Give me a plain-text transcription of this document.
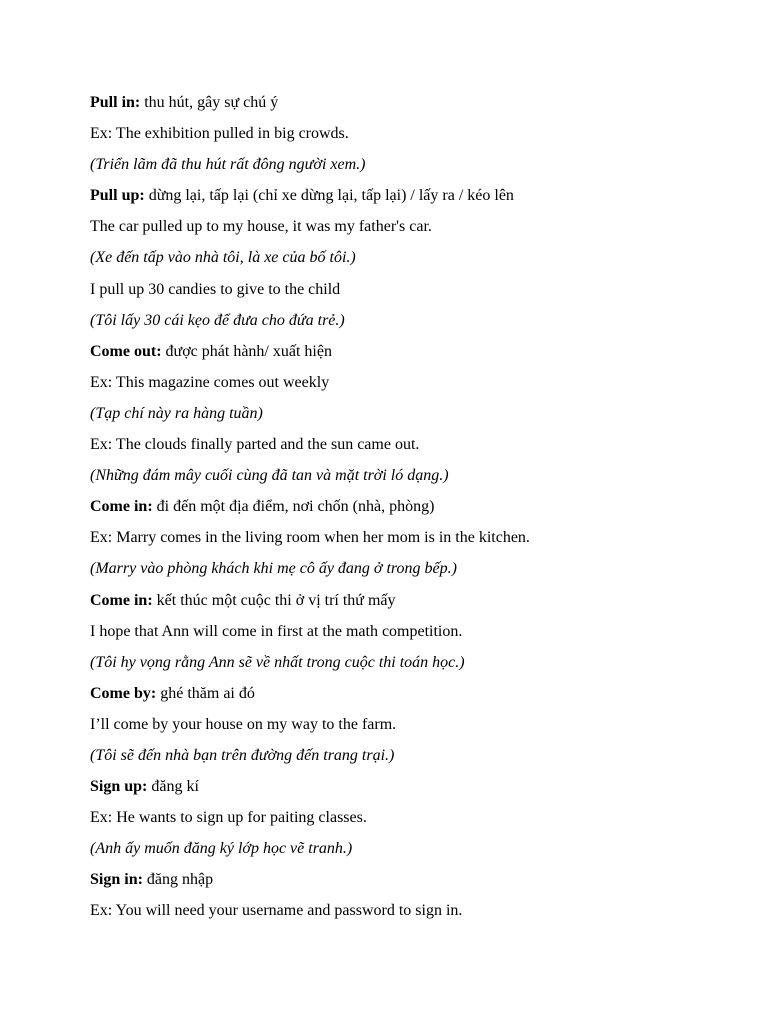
Pull in: thu hút, gây sự chú ý
Ex: The exhibition pulled in big crowds.
(Triển lãm đã thu hút rất đông người xem.)
Pull up: dừng lại, tấp lại (chỉ xe dừng lại, tấp lại) / lấy ra / kéo lên
The car pulled up to my house, it was my father's car.
(Xe đến tấp vào nhà tôi, là xe của bố tôi.)
I pull up 30 candies to give to the child
(Tôi lấy 30 cái kẹo để đưa cho đứa trẻ.)
Come out: được phát hành/ xuất hiện
Ex: This magazine comes out weekly
(Tạp chí này ra hàng tuần)
Ex: The clouds finally parted and the sun came out.
(Những đám mây cuối cùng đã tan và mặt trời ló dạng.)
Come in: đi đến một địa điểm, nơi chốn (nhà, phòng)
Ex: Marry comes in the living room when her mom is in the kitchen.
(Marry vào phòng khách khi mẹ cô ấy đang ở trong bếp.)
Come in: kết thúc một cuộc thi ở vị trí thứ mấy
I hope that Ann will come in first at the math competition.
(Tôi hy vọng rằng Ann sẽ về nhất trong cuộc thi toán học.)
Come by: ghé thăm ai đó
I’ll come by your house on my way to the farm.
(Tôi sẽ đến nhà bạn trên đường đến trang trại.)
Sign up: đăng kí
Ex: He wants to sign up for paiting classes.
(Anh ấy muốn đăng ký lớp học vẽ tranh.)
Sign in: đăng nhập
Ex: You will need your username and password to sign in.
